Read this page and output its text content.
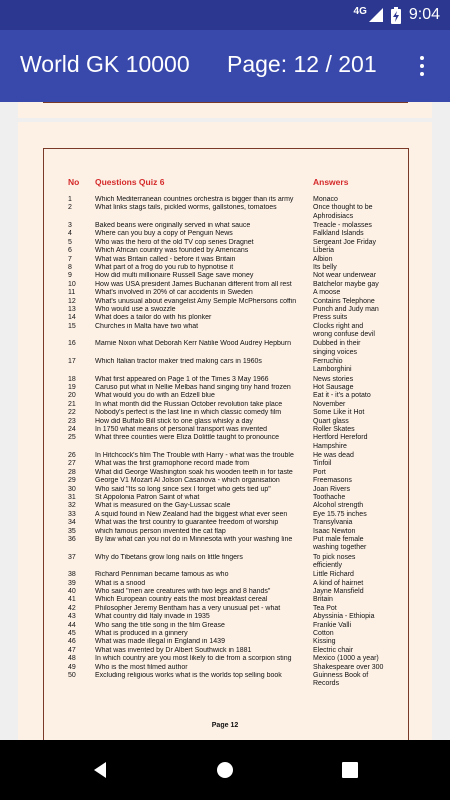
4G	9:04
World GK 10000 Page: 12 / 201
No Questions Quiz 6	Answers
1	Which Mediterranean countries orchestra is bigger than its army	Monaco
2	What links stags tails, pickled worms, gallstones, tomatoes	Once thought to be
Aphrodisiacs
3	Baked beans were originally served in what sauce	Treacle - molasses
4	Where can you buy a copy of Penguin News	Falkland Islands
5	Who was the hero of the old TV cop series Dragnet	Sergeant Joe Friday
6	Which African country was founded by Americans	Liberia
7	What was Britain called - before it was Britain	Albion
8	What part of a frog do you rub to hypnotise it	Its belly
9	How did multi millionaire Russell Sage save money	Not wear underwear
10	How was USA president James Buchanan different from all rest	Batchelor maybe gay
11	What's involved in 20% of car accidents in Sweden	A moose
12	What's unusual about evangelist Amy Semple McPhersons coffin	Contains Telephone
13	Who would use a swozzle	Punch and Judy man
14	What does a tailor do with his plonker	Press suits
15	Churches in Malta have two what	Clocks right and
wrong confuse devil
16	Marnie Nixon what Deborah Kerr Natilie Wood Audrey Hepburn	Dubbed in their
singing voices
17	Which Italian tractor maker tried making cars in 1960s	Ferruchio
Lamborghini
18	What first appeared on Page 1 of the Times 3 May 1966	News stories
19	Caruso put what in Nellie Melbas hand singing tiny hand frozen	Hot Sausage
20	What would you do with an Edzell blue	Eat it - it's a potato
21	In what month did the Russian October revolution take place	November
22	Nobody's perfect is the last line in which classic comedy film	Some Like it Hot
23	How did Buffalo Bill stick to one glass whisky a day	Quart glass
24	In 1750 what means of personal transport was invented	Roller Skates
25	What three counties were Eliza Dolittle taught to pronounce	Hertford Hereford
Hampshire
26	In Hitchcock's film The Trouble with Harry - what was the trouble	He was dead
27	What was the first gramophone record made from	Tinfoil
28	What did George Washington soak his wooden teeth in for taste	Port
29	George V1 Mozart Al Jolson Casanova - which organisation	Freemasons
30	Who said "Its so long since sex I forget who gets tied up"	Joan Rivers
31	St Appolonia Patron Saint of what	Toothache
32	What is measured on the Gay-Lussac scale	Alcohol strength
33	A squid found in New Zealand had the biggest what ever seen	Eye 15.75 inches
34	What was the first country to guarantee freedom of worship	Transylvania
35	which famous person invented the cat flap	Isaac Newton
36	By law what can you not do in Minnesota with your washing line	Put male female
washing together
37	Why do Tibetans grow long nails on little fingers	To pick noses
efficiently
38	Richard Penniman became famous as who	Little Richard
39	What is a snood	A kind of hairnet
40	Who said "men are creatures with two legs and 8 hands"	Jayne Mansfield
41	Which European country eats the most breakfast cereal	Britain
42	Philosopher Jeremy Bentham has a very unusual pet - what	Tea Pot
43	What country did Italy invade in 1935	Abyssinia - Ethiopia
44	Who sang the title song in the film Grease	Frankie Valli
45	What is produced in a ginnery	Cotton
46	What was made illegal in England in 1439	Kissing
47	What was invented by Dr Albert Southwick in 1881	Electric chair
48	In which country are you most likely to die from a scorpion sting	Mexico (1000 a year)
49	Who is the most filmed author	Shakespeare over 300
50	Excluding religious works what is the worlds top selling book	Guinness Book of
Records
Page 12
